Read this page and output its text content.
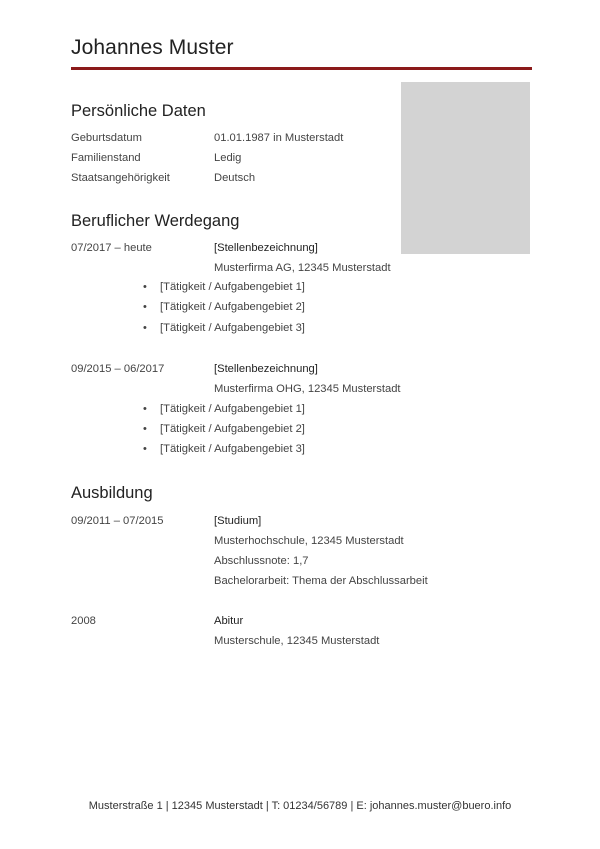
Johannes Muster
Persönliche Daten
Geburtsdatum	01.01.1987 in Musterstadt
Familienstand	Ledig
Staatsangehörigkeit	Deutsch
Beruflicher Werdegang
07/2017 – heute	[Stellenbezeichnung]
Musterfirma AG, 12345 Musterstadt
• [Tätigkeit / Aufgabengebiet 1]
• [Tätigkeit / Aufgabengebiet 2]
• [Tätigkeit / Aufgabengebiet 3]
09/2015 – 06/2017	[Stellenbezeichnung]
Musterfirma OHG, 12345 Musterstadt
• [Tätigkeit / Aufgabengebiet 1]
• [Tätigkeit / Aufgabengebiet 2]
• [Tätigkeit / Aufgabengebiet 3]
Ausbildung
09/2011 – 07/2015	[Studium]
Musterhochschule, 12345 Musterstadt
Abschlussnote: 1,7
Bachelorarbeit: Thema der Abschlussarbeit
2008	Abitur
Musterschule, 12345 Musterstadt
Musterstraße 1 | 12345 Musterstadt | T: 01234/56789 | E: johannes.muster@buero.info
